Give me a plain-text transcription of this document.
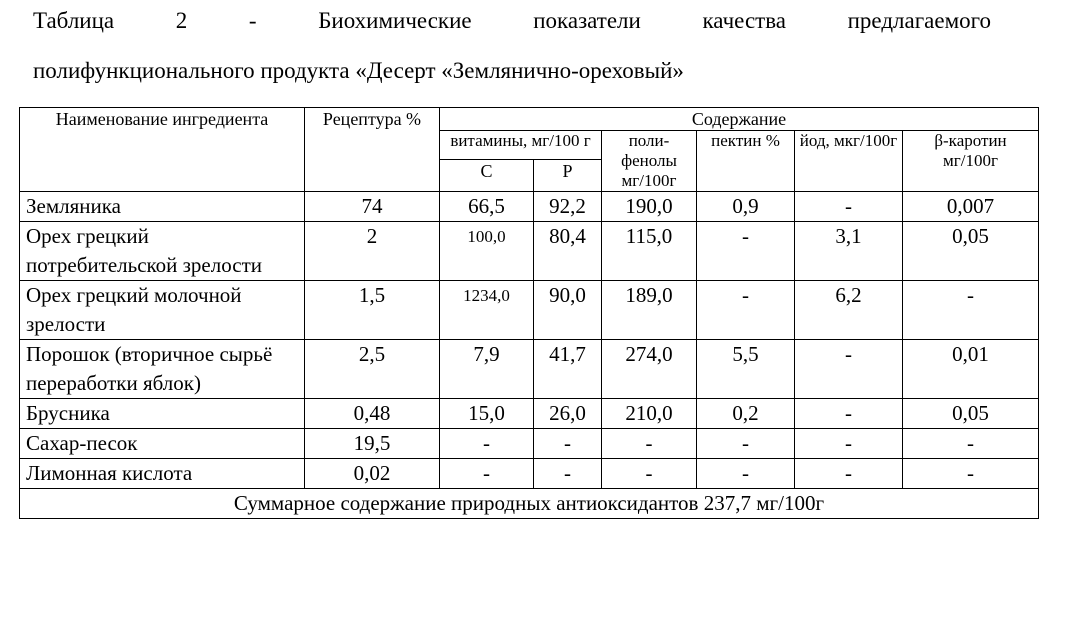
Таблица 2 - Биохимические показатели качества предлагаемого
полифункционального продукта «Десерт «Землянично-ореховый»
Наименование ингредиента	Рецептура %	Содержание					
		витамины, мг/100 г		поли-фенолы мг/100г	пектин %	йод, мкг/100г	β-каротин мг/100г
		С	Р				
Земляника	74	66,5	92,2	190,0	0,9	-	0,007
Орех грецкий потребительской зрелости	2	100,0	80,4	115,0	-	3,1	0,05
Орех грецкий молочной зрелости	1,5	1234,0	90,0	189,0	-	6,2	-
Порошок (вторичное сырьё переработки яблок)	2,5	7,9	41,7	274,0	5,5	-	0,01
Брусника	0,48	15,0	26,0	210,0	0,2	-	0,05
Сахар-песок	19,5	-	-	-	-	-	-
Лимонная кислота	0,02	-	-	-	-	-	-
Суммарное содержание природных антиоксидантов 237,7 мг/100г							
